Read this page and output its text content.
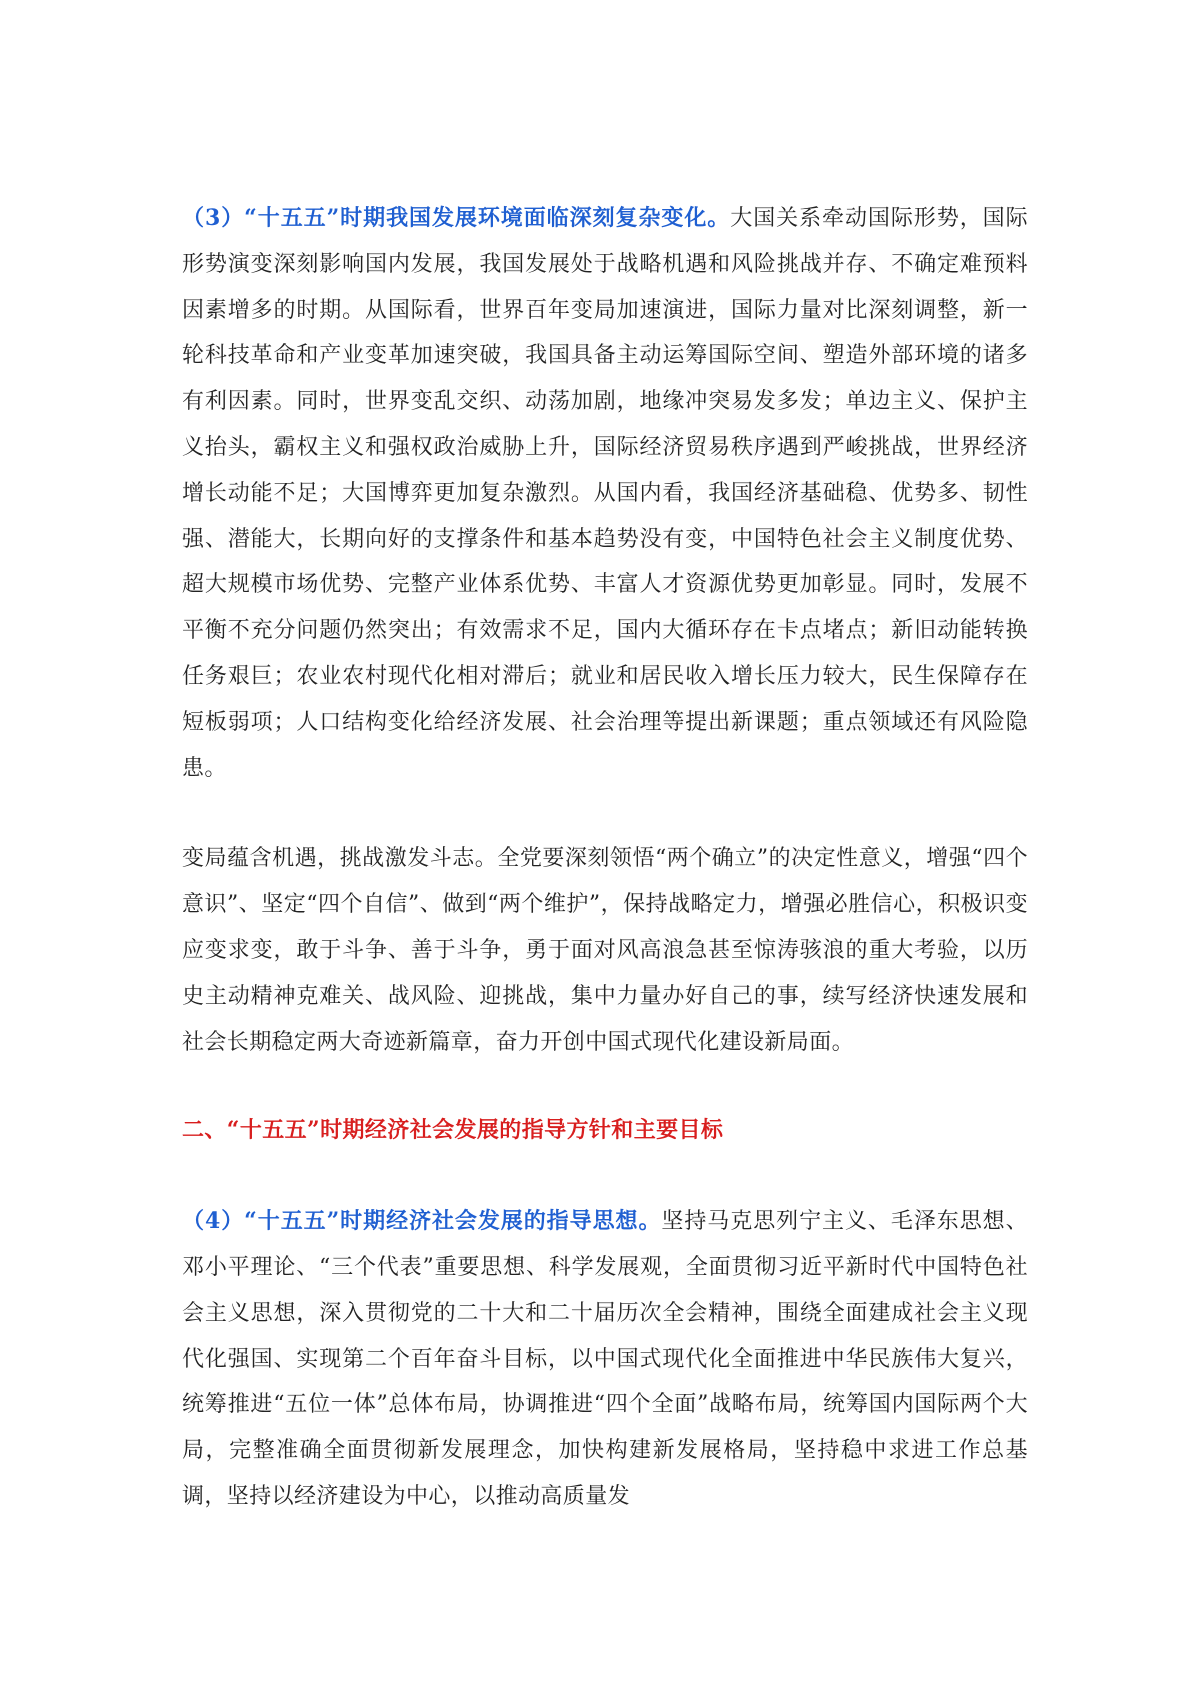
（3）“十五五”时期我国发展环境面临深刻复杂变化。大国关系牵动国际形势，国际形势演变深刻影响国内发展，我国发展处于战略机遇和风险挑战并存、不确定难预料因素增多的时期。从国际看，世界百年变局加速演进，国际力量对比深刻调整，新一轮科技革命和产业变革加速突破，我国具备主动运筹国际空间、塑造外部环境的诸多有利因素。同时，世界变乱交织、动荡加剧，地缘冲突易发多发；单边主义、保护主义抬头，霸权主义和强权政治威胁上升，国际经济贸易秩序遇到严峻挑战，世界经济增长动能不足；大国博弈更加复杂激烈。从国内看，我国经济基础稳、优势多、韧性强、潜能大，长期向好的支撑条件和基本趋势没有变，中国特色社会主义制度优势、超大规模市场优势、完整产业体系优势、丰富人才资源优势更加彰显。同时，发展不平衡不充分问题仍然突出；有效需求不足，国内大循环存在卡点堵点；新旧动能转换任务艰巨；农业农村现代化相对滞后；就业和居民收入增长压力较大，民生保障存在短板弱项；人口结构变化给经济发展、社会治理等提出新课题；重点领域还有风险隐患。

变局蕴含机遇，挑战激发斗志。全党要深刻领悟“两个确立”的决定性意义，增强“四个意识”、坚定“四个自信”、做到“两个维护”，保持战略定力，增强必胜信心，积极识变应变求变，敢于斗争、善于斗争，勇于面对风高浪急甚至惊涛骇浪的重大考验，以历史主动精神克难关、战风险、迎挑战，集中力量办好自己的事，续写经济快速发展和社会长期稳定两大奇迹新篇章，奋力开创中国式现代化建设新局面。

二、“十五五”时期经济社会发展的指导方针和主要目标

（4）“十五五”时期经济社会发展的指导思想。坚持马克思列宁主义、毛泽东思想、邓小平理论、“三个代表”重要思想、科学发展观，全面贯彻习近平新时代中国特色社会主义思想，深入贯彻党的二十大和二十届历次全会精神，围绕全面建成社会主义现代化强国、实现第二个百年奋斗目标，以中国式现代化全面推进中华民族伟大复兴，统筹推进“五位一体”总体布局，协调推进“四个全面”战略布局，统筹国内国际两个大局，完整准确全面贯彻新发展理念，加快构建新发展格局，坚持稳中求进工作总基调，坚持以经济建设为中心，以推动高质量发
